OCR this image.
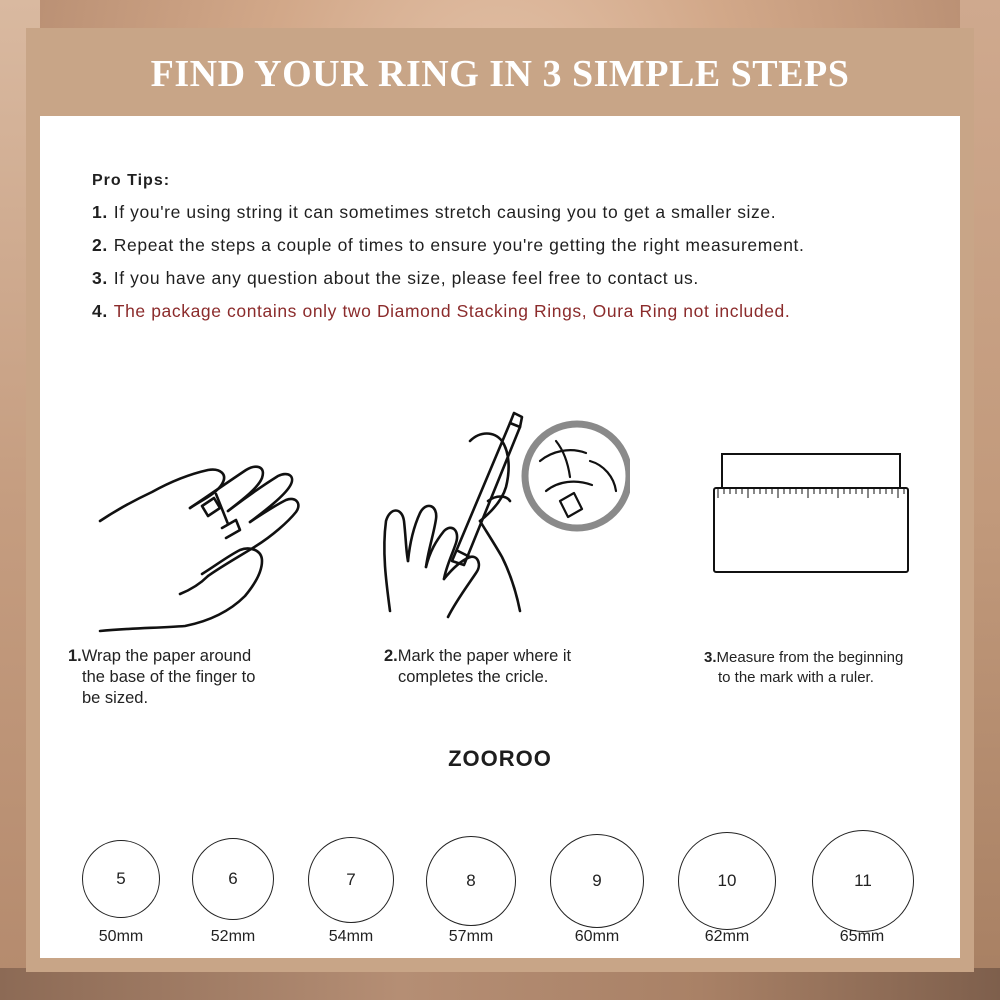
FIND YOUR RING IN 3 SIMPLE STEPS
Pro Tips:
1. If you're using string it can sometimes stretch causing you to get a smaller size.
2. Repeat the steps a couple of times to ensure you're getting the right measurement.
3. If you have any question about the size, please feel free to contact us.
4. The package contains only two Diamond Stacking Rings, Oura Ring not included.
1.Wrap the paper around
the base of the finger to
be sized.
2.Mark the paper where it
completes the cricle.
3.Measure from the beginning
to the mark with a ruler.
ZOOROO
5
50mm
6
52mm
7
54mm
8
57mm
9
60mm
10
62mm
11
65mm
